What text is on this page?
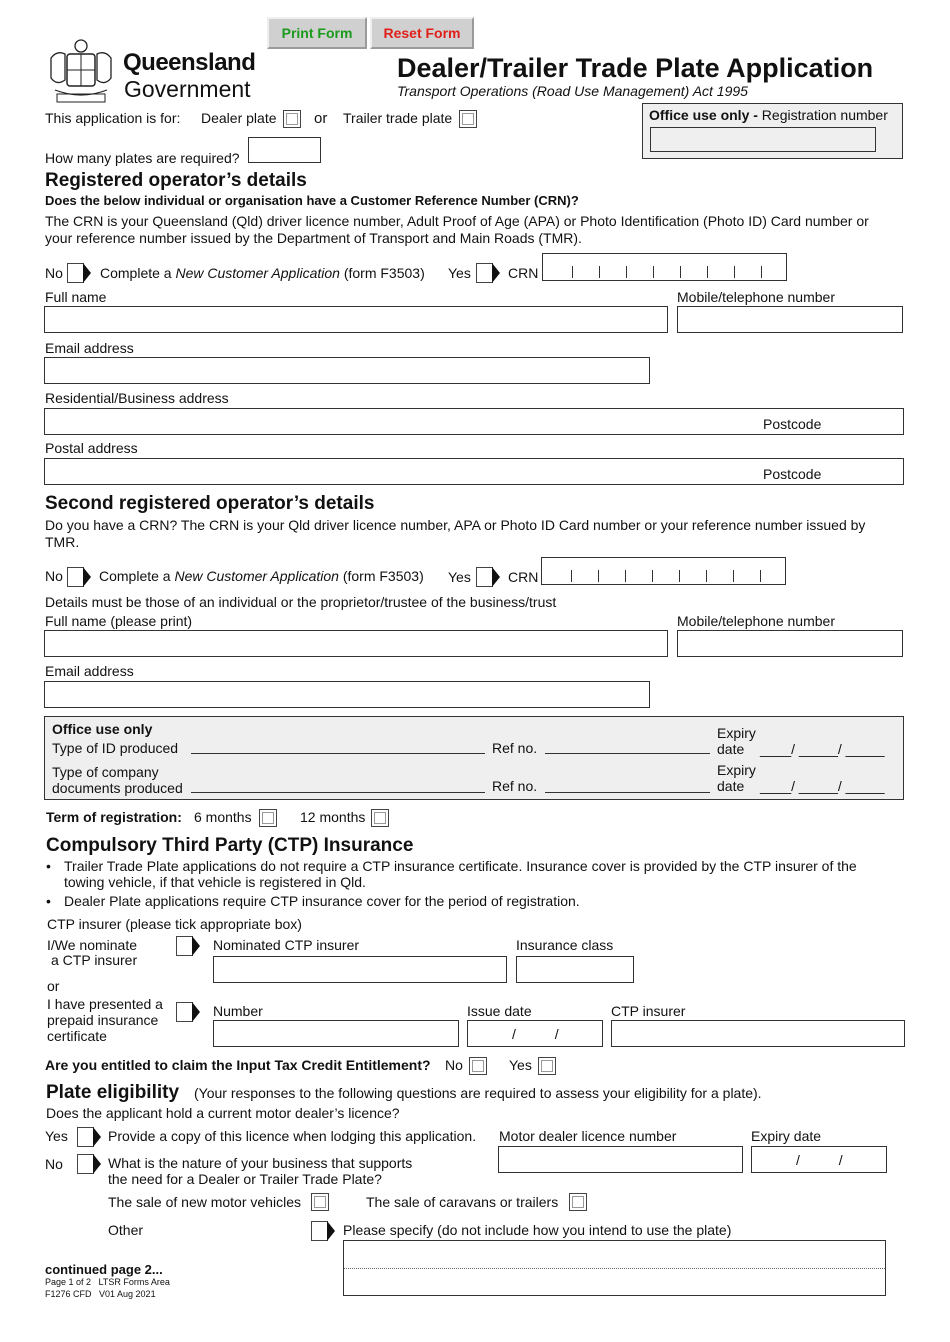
Queensland
Government
Print Form	Reset Form
Dealer/Trailer Trade Plate Application
Transport Operations (Road Use Management) Act 1995
Office use only - Registration number
This application is for: Dealer plate	or Trailer trade plate
How many plates are required?
Registered operator’s details
Does the below individual or organisation have a Customer Reference Number (CRN)?
The CRN is your Queensland (Qld) driver licence number, Adult Proof of Age (APA) or Photo Identification (Photo ID) Card number or
your reference number issued by the Department of Transport and Main Roads (TMR).
No	Complete a New Customer Application (form F3503) Yes	CRN
Full name	Mobile/telephone number
Email address
Residential/Business address
Postcode
Postal address
Postcode
Second registered operator’s details
Do you have a CRN? The CRN is your Qld driver licence number, APA or Photo ID Card number or your reference number issued by
TMR.
No	Complete a New Customer Application (form F3503) Yes	CRN
Details must be those of an individual or the proprietor/trustee of the business/trust
Full name (please print)	Mobile/telephone number
Email address
Office use only
Type of ID produced	Ref no.
Expiry
date ____/ _____/ _____
Type of company
documents produced	Ref no.
Expiry
date ____/ _____/ _____
Term of registration: 6 months	12 months
Compulsory Third Party (CTP) Insurance
• Trailer Trade Plate applications do not require a CTP insurance certificate. Insurance cover is provided by the CTP insurer of the
towing vehicle, if that vehicle is registered in Qld.
• Dealer Plate applications require CTP insurance cover for the period of registration.
CTP insurer (please tick appropriate box)
I/We nominate
a CTP insurer
Nominated CTP insurer	Insurance class
or
I have presented a
prepaid insurance
certificate
Number	Issue date
/          /
CTP insurer
Are you entitled to claim the Input Tax Credit Entitlement? No	Yes
Plate eligibility (Your responses to the following questions are required to assess your eligibility for a plate).
Does the applicant hold a current motor dealer’s licence?
Yes	Provide a copy of this licence when lodging this application. Motor dealer licence number	Expiry date
/          /
No	What is the nature of your business that supports
the need for a Dealer or Trailer Trade Plate?
The sale of new motor vehicles	The sale of caravans or trailers
Other	Please specify (do not include how you intend to use the plate)
continued page 2...
Page 1 of 2   LTSR Forms Area
F1276 CFD   V01 Aug 2021
